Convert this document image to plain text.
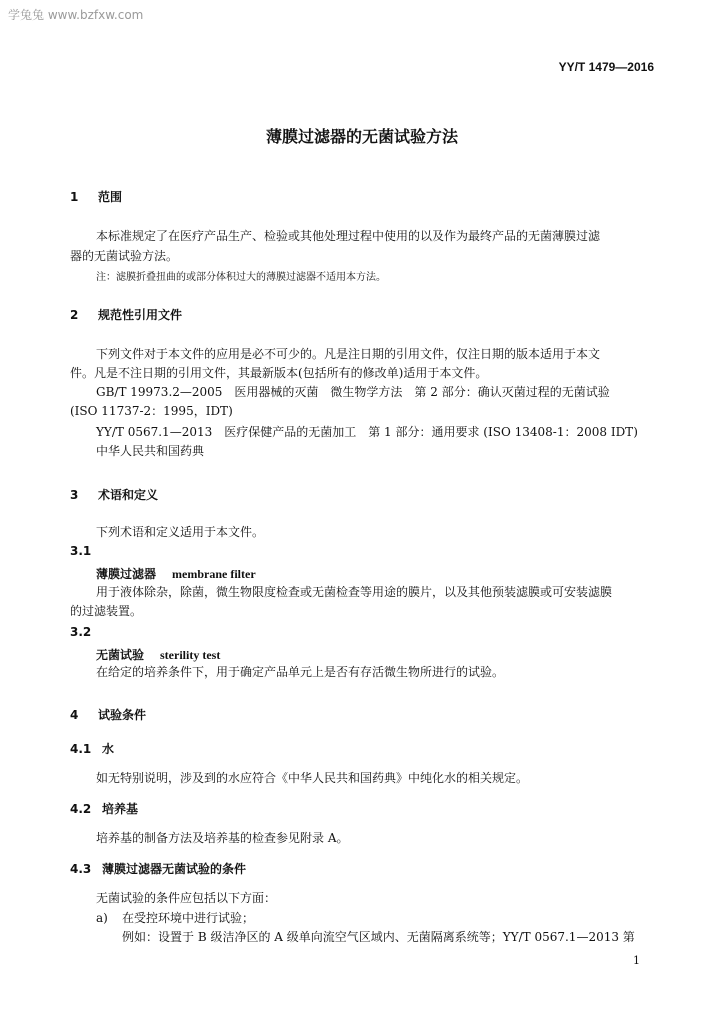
学兔兔 www.bzfxw.com
YY/T 1479—2016
薄膜过滤器的无菌试验方法
1 范围
本标准规定了在医疗产品生产、检验或其他处理过程中使用的以及作为最终产品的无菌薄膜过滤
器的无菌试验方法。
注：滤膜折叠扭曲的或部分体积过大的薄膜过滤器不适用本方法。
2 规范性引用文件
下列文件对于本文件的应用是必不可少的。凡是注日期的引用文件，仅注日期的版本适用于本文
件。凡是不注日期的引用文件，其最新版本(包括所有的修改单)适用于本文件。
GB/T 19973.2—2005　医用器械的灭菌　微生物学方法　第 2 部分：确认灭菌过程的无菌试验
(ISO 11737-2：1995，IDT)
YY/T 0567.1—2013　医疗保健产品的无菌加工　第 1 部分：通用要求 (ISO 13408-1：2008 IDT)
中华人民共和国药典
3 术语和定义
下列术语和定义适用于本文件。
3.1
薄膜过滤器 membrane filter
用于液体除杂，除菌，微生物限度检查或无菌检查等用途的膜片，以及其他预装滤膜或可安装滤膜
的过滤装置。
3.2
无菌试验 sterility test
在给定的培养条件下，用于确定产品单元上是否有存活微生物所进行的试验。
4 试验条件
4.1 水
如无特别说明，涉及到的水应符合《中华人民共和国药典》中纯化水的相关规定。
4.2 培养基
培养基的制备方法及培养基的检查参见附录 A。
4.3 薄膜过滤器无菌试验的条件
无菌试验的条件应包括以下方面：
a) 在受控环境中进行试验；
例如：设置于 B 级洁净区的 A 级单向流空气区域内、无菌隔离系统等；YY/T 0567.1—2013 第
1
